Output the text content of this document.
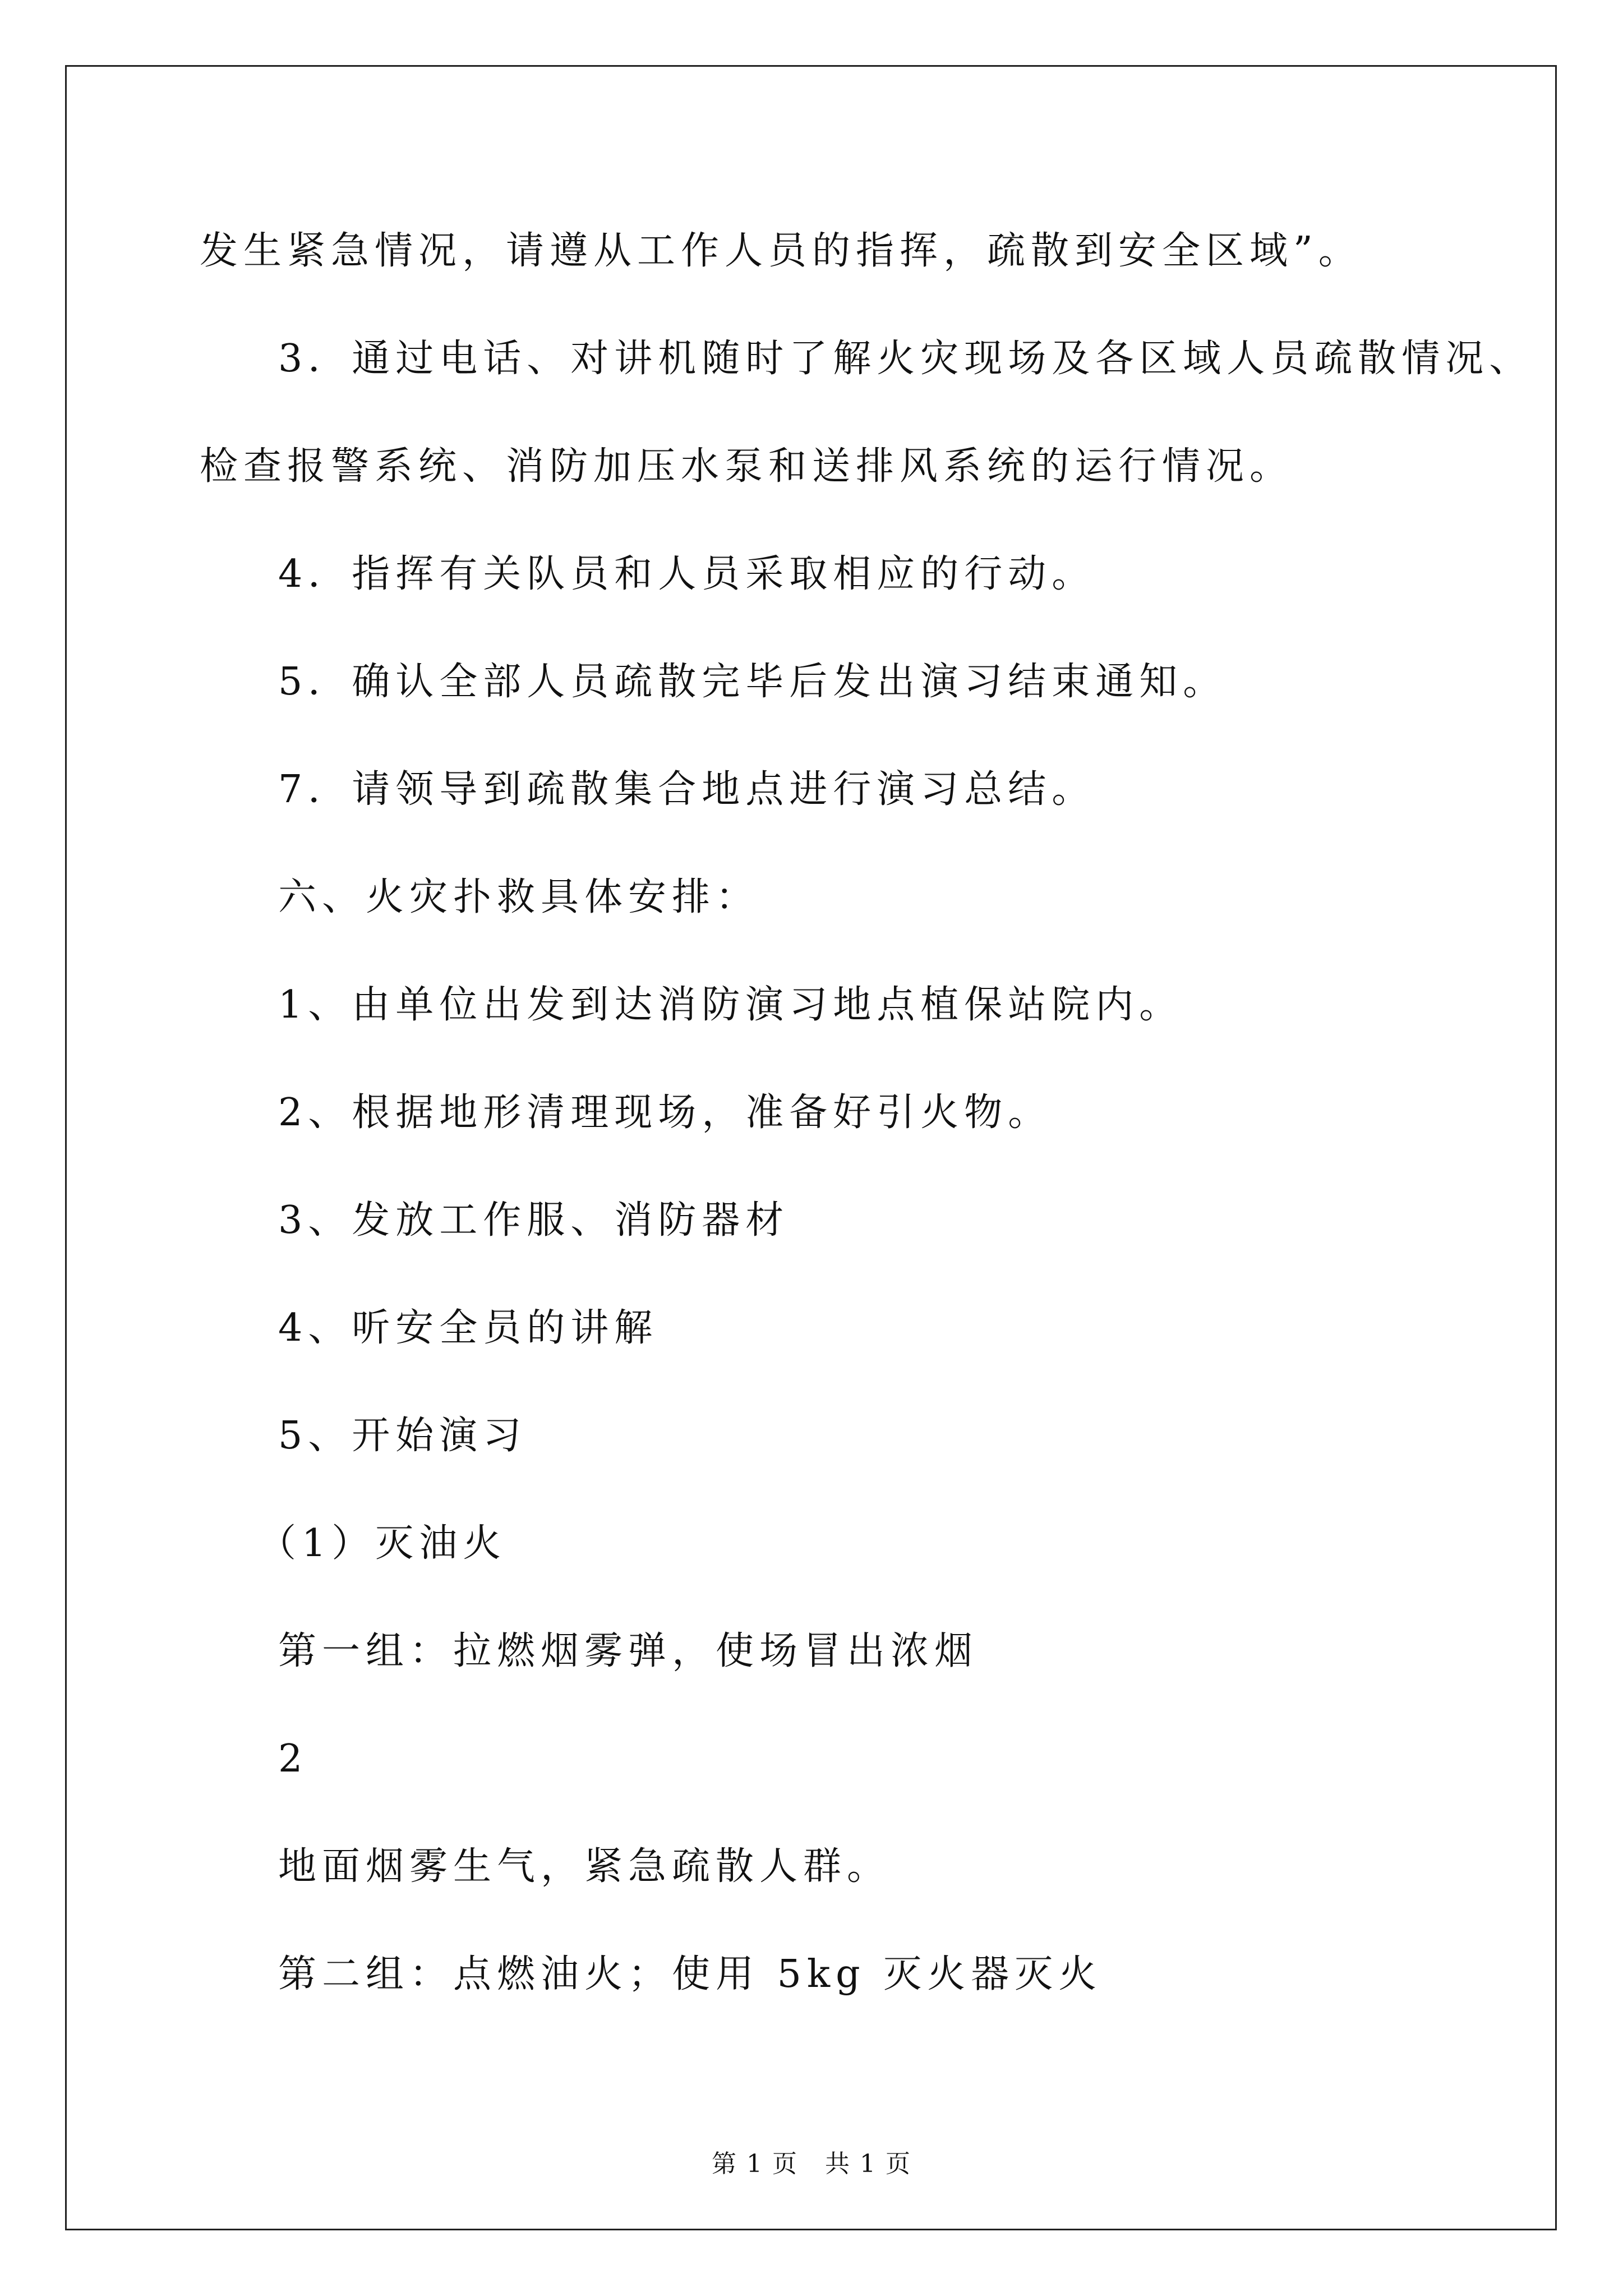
发生紧急情况，请遵从工作人员的指挥，疏散到安全区域”。

3．通过电话、对讲机随时了解火灾现场及各区域人员疏散情况、

检查报警系统、消防加压水泵和送排风系统的运行情况。

4．指挥有关队员和人员采取相应的行动。

5．确认全部人员疏散完毕后发出演习结束通知。

7．请领导到疏散集合地点进行演习总结。

六、火灾扑救具体安排：

1、由单位出发到达消防演习地点植保站院内。

2、根据地形清理现场，准备好引火物。

3、发放工作服、消防器材

4、听安全员的讲解

5、开始演习

（1）灭油火

第一组：拉燃烟雾弹，使场冒出浓烟

2

地面烟雾生气，紧急疏散人群。

第二组：点燃油火；使用 5kg 灭火器灭火

第 1 页   共 1 页
